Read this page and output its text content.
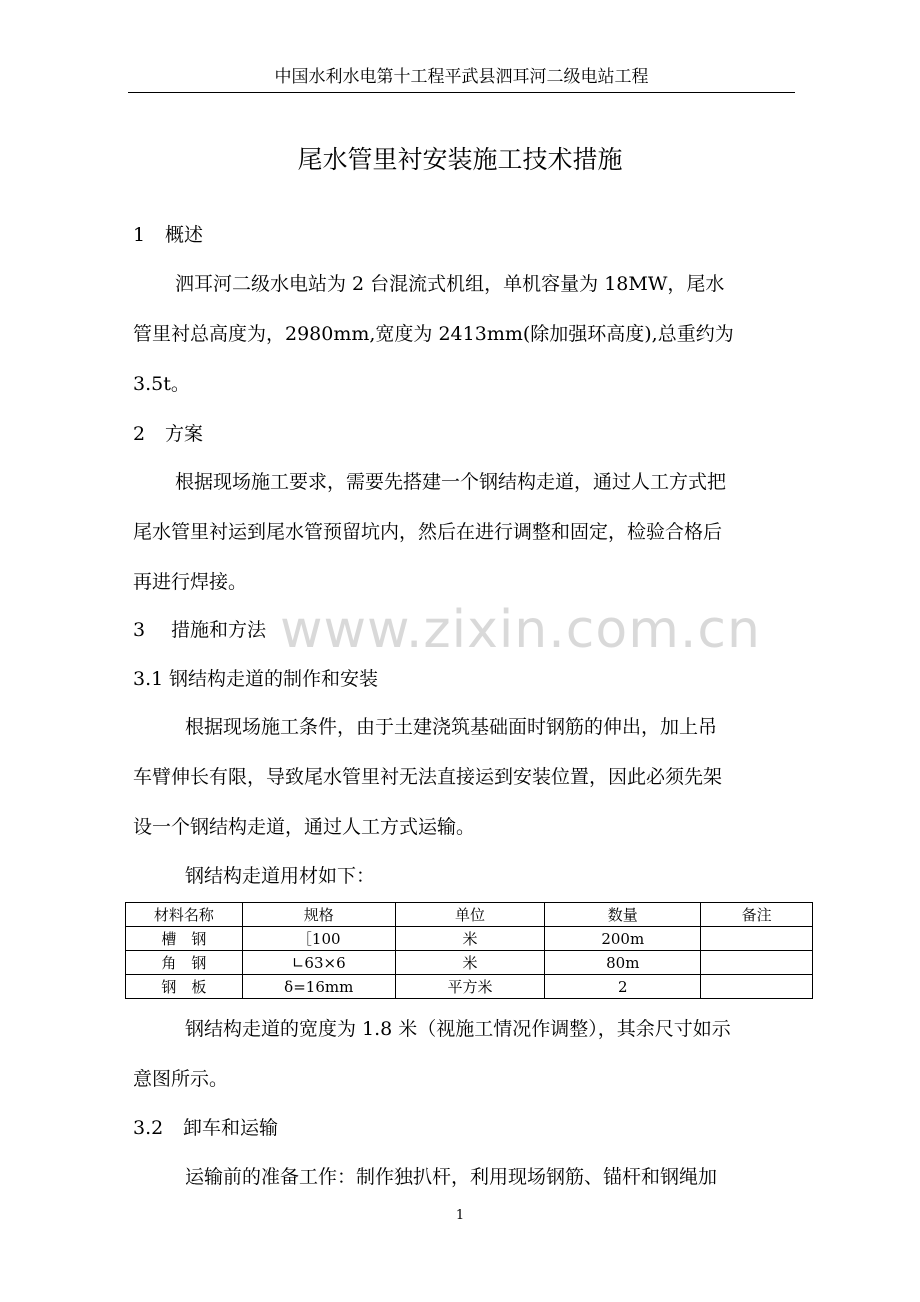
中国水利水电第十工程平武县泗耳河二级电站工程
尾水管里衬安装施工技术措施
1 概述
泗耳河二级水电站为 2 台混流式机组，单机容量为 18MW，尾水
管里衬总高度为，2980mm,宽度为 2413mm(除加强环高度),总重约为
3.5t。
2 方案
根据现场施工要求，需要先搭建一个钢结构走道，通过人工方式把
尾水管里衬运到尾水管预留坑内，然后在进行调整和固定，检验合格后
再进行焊接。
www.zixin.com.cn
3 措施和方法
3.1 钢结构走道的制作和安装
根据现场施工条件，由于土建浇筑基础面时钢筋的伸出，加上吊
车臂伸长有限，导致尾水管里衬无法直接运到安装位置，因此必须先架
设一个钢结构走道，通过人工方式运输。
钢结构走道用材如下：
材料名称	规格	单位	数量	备注
槽　钢	［100	米	200m	
角　钢	∟63×6	米	80m	
钢　板	δ=16mm	平方米	2	
钢结构走道的宽度为 1.8 米（视施工情况作调整），其余尺寸如示
意图所示。
3.2 卸车和运输
运输前的准备工作：制作独扒杆，利用现场钢筋、锚杆和钢绳加
1
